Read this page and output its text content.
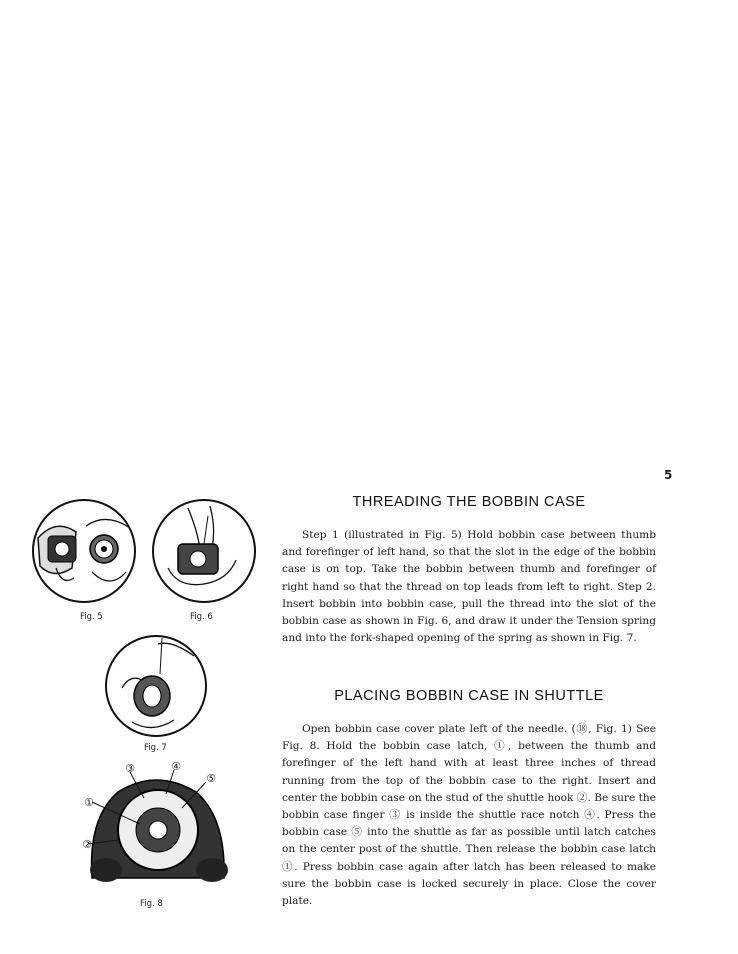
5
Fig. 5	Fig. 6
Fig. 7
③	④
⑤
①
②
Fig. 8
THREADING THE BOBBIN CASE

Step 1 (illustrated in Fig. 5) Hold bobbin case between thumb and forefinger of left hand, so that the slot in the edge of the bobbin case is on top. Take the bobbin between thumb and forefinger of right hand so that the thread on top leads from left to right. Step 2. Insert bobbin into bobbin case, pull the thread into the slot of the bobbin case as shown in Fig. 6, and draw it under the Tension spring and into the fork-shaped opening of the spring as shown in Fig. 7.

PLACING BOBBIN CASE IN SHUTTLE

Open bobbin case cover plate left of the needle. (⑱, Fig. 1) See Fig. 8. Hold the bobbin case latch, ①, between the thumb and forefinger of the left hand with at least three inches of thread running from the top of the bobbin case to the right. Insert and center the bobbin case on the stud of the shuttle hook ②. Be sure the bobbin case finger ③ is inside the shuttle race notch ④. Press the bobbin case ⑤ into the shuttle as far as possible until latch catches on the center post of the shuttle. Then release the bobbin case latch ①. Press bobbin case again after latch has been released to make sure the bobbin case is locked securely in place. Close the cover plate.
